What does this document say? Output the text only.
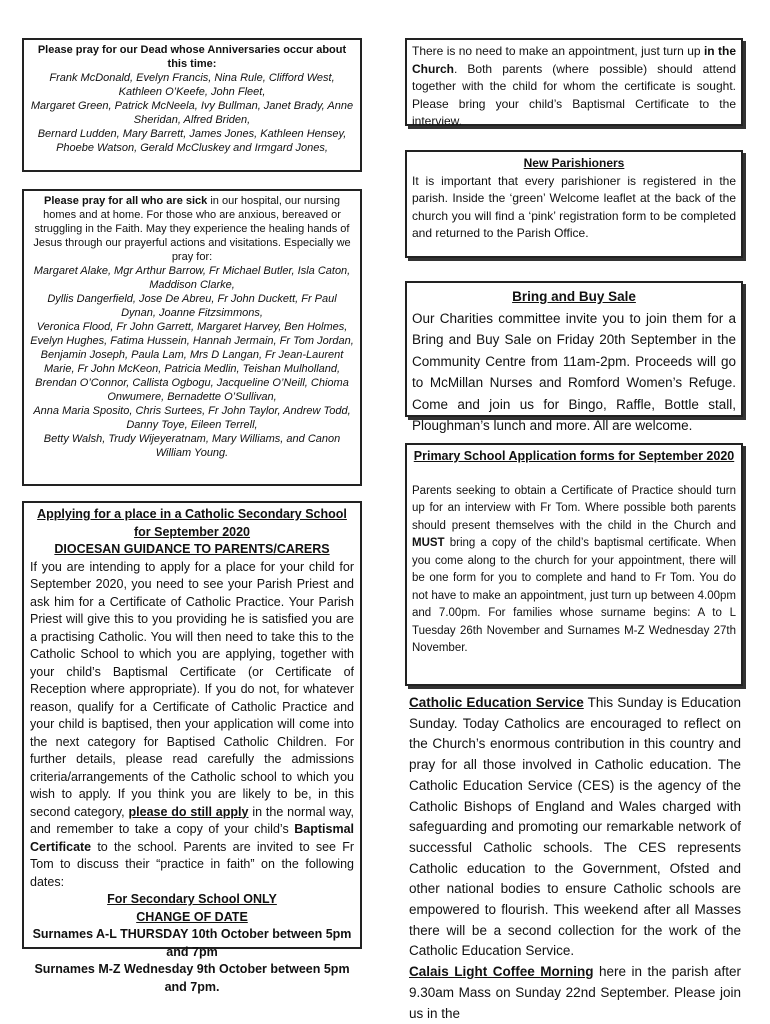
Please pray for our Dead whose Anniversaries occur about this time:

Frank McDonald, Evelyn Francis, Nina Rule, Clifford West, Kathleen O’Keefe, John Fleet,

Margaret Green, Patrick McNeela, Ivy Bullman, Janet Brady, Anne Sheridan, Alfred Briden,

Bernard Ludden, Mary Barrett, James Jones, Kathleen Hensey, Phoebe Watson, Gerald McCluskey and Irmgard Jones,

Please pray for all who are sick in our hospital, our nursing homes and at home. For those who are anxious, bereaved or struggling in the Faith. May they experience the healing hands of Jesus through our prayerful actions and visitations. Especially we pray for:

Margaret Alake, Mgr Arthur Barrow, Fr Michael Butler, Isla Caton, Maddison Clarke,

Dyllis Dangerfield, Jose De Abreu, Fr John Duckett, Fr Paul Dynan, Joanne Fitzsimmons,

Veronica Flood, Fr John Garrett, Margaret Harvey, Ben Holmes, Evelyn Hughes, Fatima Hussein, Hannah Jermain, Fr Tom Jordan, Benjamin Joseph, Paula Lam, Mrs D Langan, Fr Jean-Laurent Marie, Fr John McKeon, Patricia Medlin, Teishan Mulholland, Brendan O’Connor, Callista Ogbogu, Jacqueline O’Neill, Chioma Onwumere, Bernadette O’Sullivan,

Anna Maria Sposito, Chris Surtees, Fr John Taylor, Andrew Todd, Danny Toye, Eileen Terrell,

Betty Walsh, Trudy Wijeyeratnam, Mary Williams, and Canon William Young.

Applying for a place in a Catholic Secondary School for September 2020

DIOCESAN GUIDANCE TO PARENTS/CARERS

If you are intending to apply for a place for your child for September 2020, you need to see your Parish Priest and ask him for a Certificate of Catholic Practice. Your Parish Priest will give this to you providing he is satisfied you are a practising Catholic. You will then need to take this to the Catholic School to which you are applying, together with your child’s Baptismal Certificate (or Certificate of Reception where appropriate). If you do not, for whatever reason, qualify for a Certificate of Catholic Practice and your child is baptised, then your application will come into the next category for Baptised Catholic Children. For further details, please read carefully the admissions criteria/arrangements of the Catholic school to which you wish to apply. If you think you are likely to be, in this second category, please do still apply in the normal way, and remember to take a copy of your child’s Baptismal Certificate to the school. Parents are invited to see Fr Tom to discuss their “practice in faith” on the following dates:

For Secondary School ONLY

CHANGE OF DATE

Surnames A-L THURSDAY 10th October between 5pm and 7pm

Surnames M-Z Wednesday 9th October between 5pm and 7pm.

There is no need to make an appointment, just turn up in the Church. Both parents (where possible) should attend together with the child for whom the certificate is sought. Please bring your child’s Baptismal Certificate to the interview.

New Parishioners

It is important that every parishioner is registered in the parish. Inside the ‘green’ Welcome leaflet at the back of the church you will find a ‘pink’ registration form to be completed and returned to the Parish Office.

Bring and Buy Sale

Our Charities committee invite you to join them for a Bring and Buy Sale on Friday 20th September in the Community Centre from 11am-2pm. Proceeds will go to McMillan Nurses and Romford Women’s Refuge. Come and join us for Bingo, Raffle, Bottle stall, Ploughman’s lunch and more. All are welcome.

Primary School Application forms for September 2020

Parents seeking to obtain a Certificate of Practice should turn up for an interview with Fr Tom. Where possible both parents should present themselves with the child in the Church and MUST bring a copy of the child’s baptismal certificate. When you come along to the church for your appointment, there will be one form for you to complete and hand to Fr Tom. You do not have to make an appointment, just turn up between 4.00pm and 7.00pm. For families whose surname begins: A to L Tuesday 26th November and Surnames M-Z Wednesday 27th November.

Catholic Education Service This Sunday is Education Sunday. Today Catholics are encouraged to reflect on the Church’s enormous contribution in this country and pray for all those involved in Catholic education. The Catholic Education Service (CES) is the agency of the Catholic Bishops of England and Wales charged with safeguarding and promoting our remarkable network of successful Catholic schools. The CES represents Catholic education to the Government, Ofsted and other national bodies to ensure Catholic schools are empowered to flourish. This weekend after all Masses there will be a second collection for the work of the Catholic Education Service.

Calais Light Coffee Morning here in the parish after 9.30am Mass on Sunday 22nd September. Please join us in the
